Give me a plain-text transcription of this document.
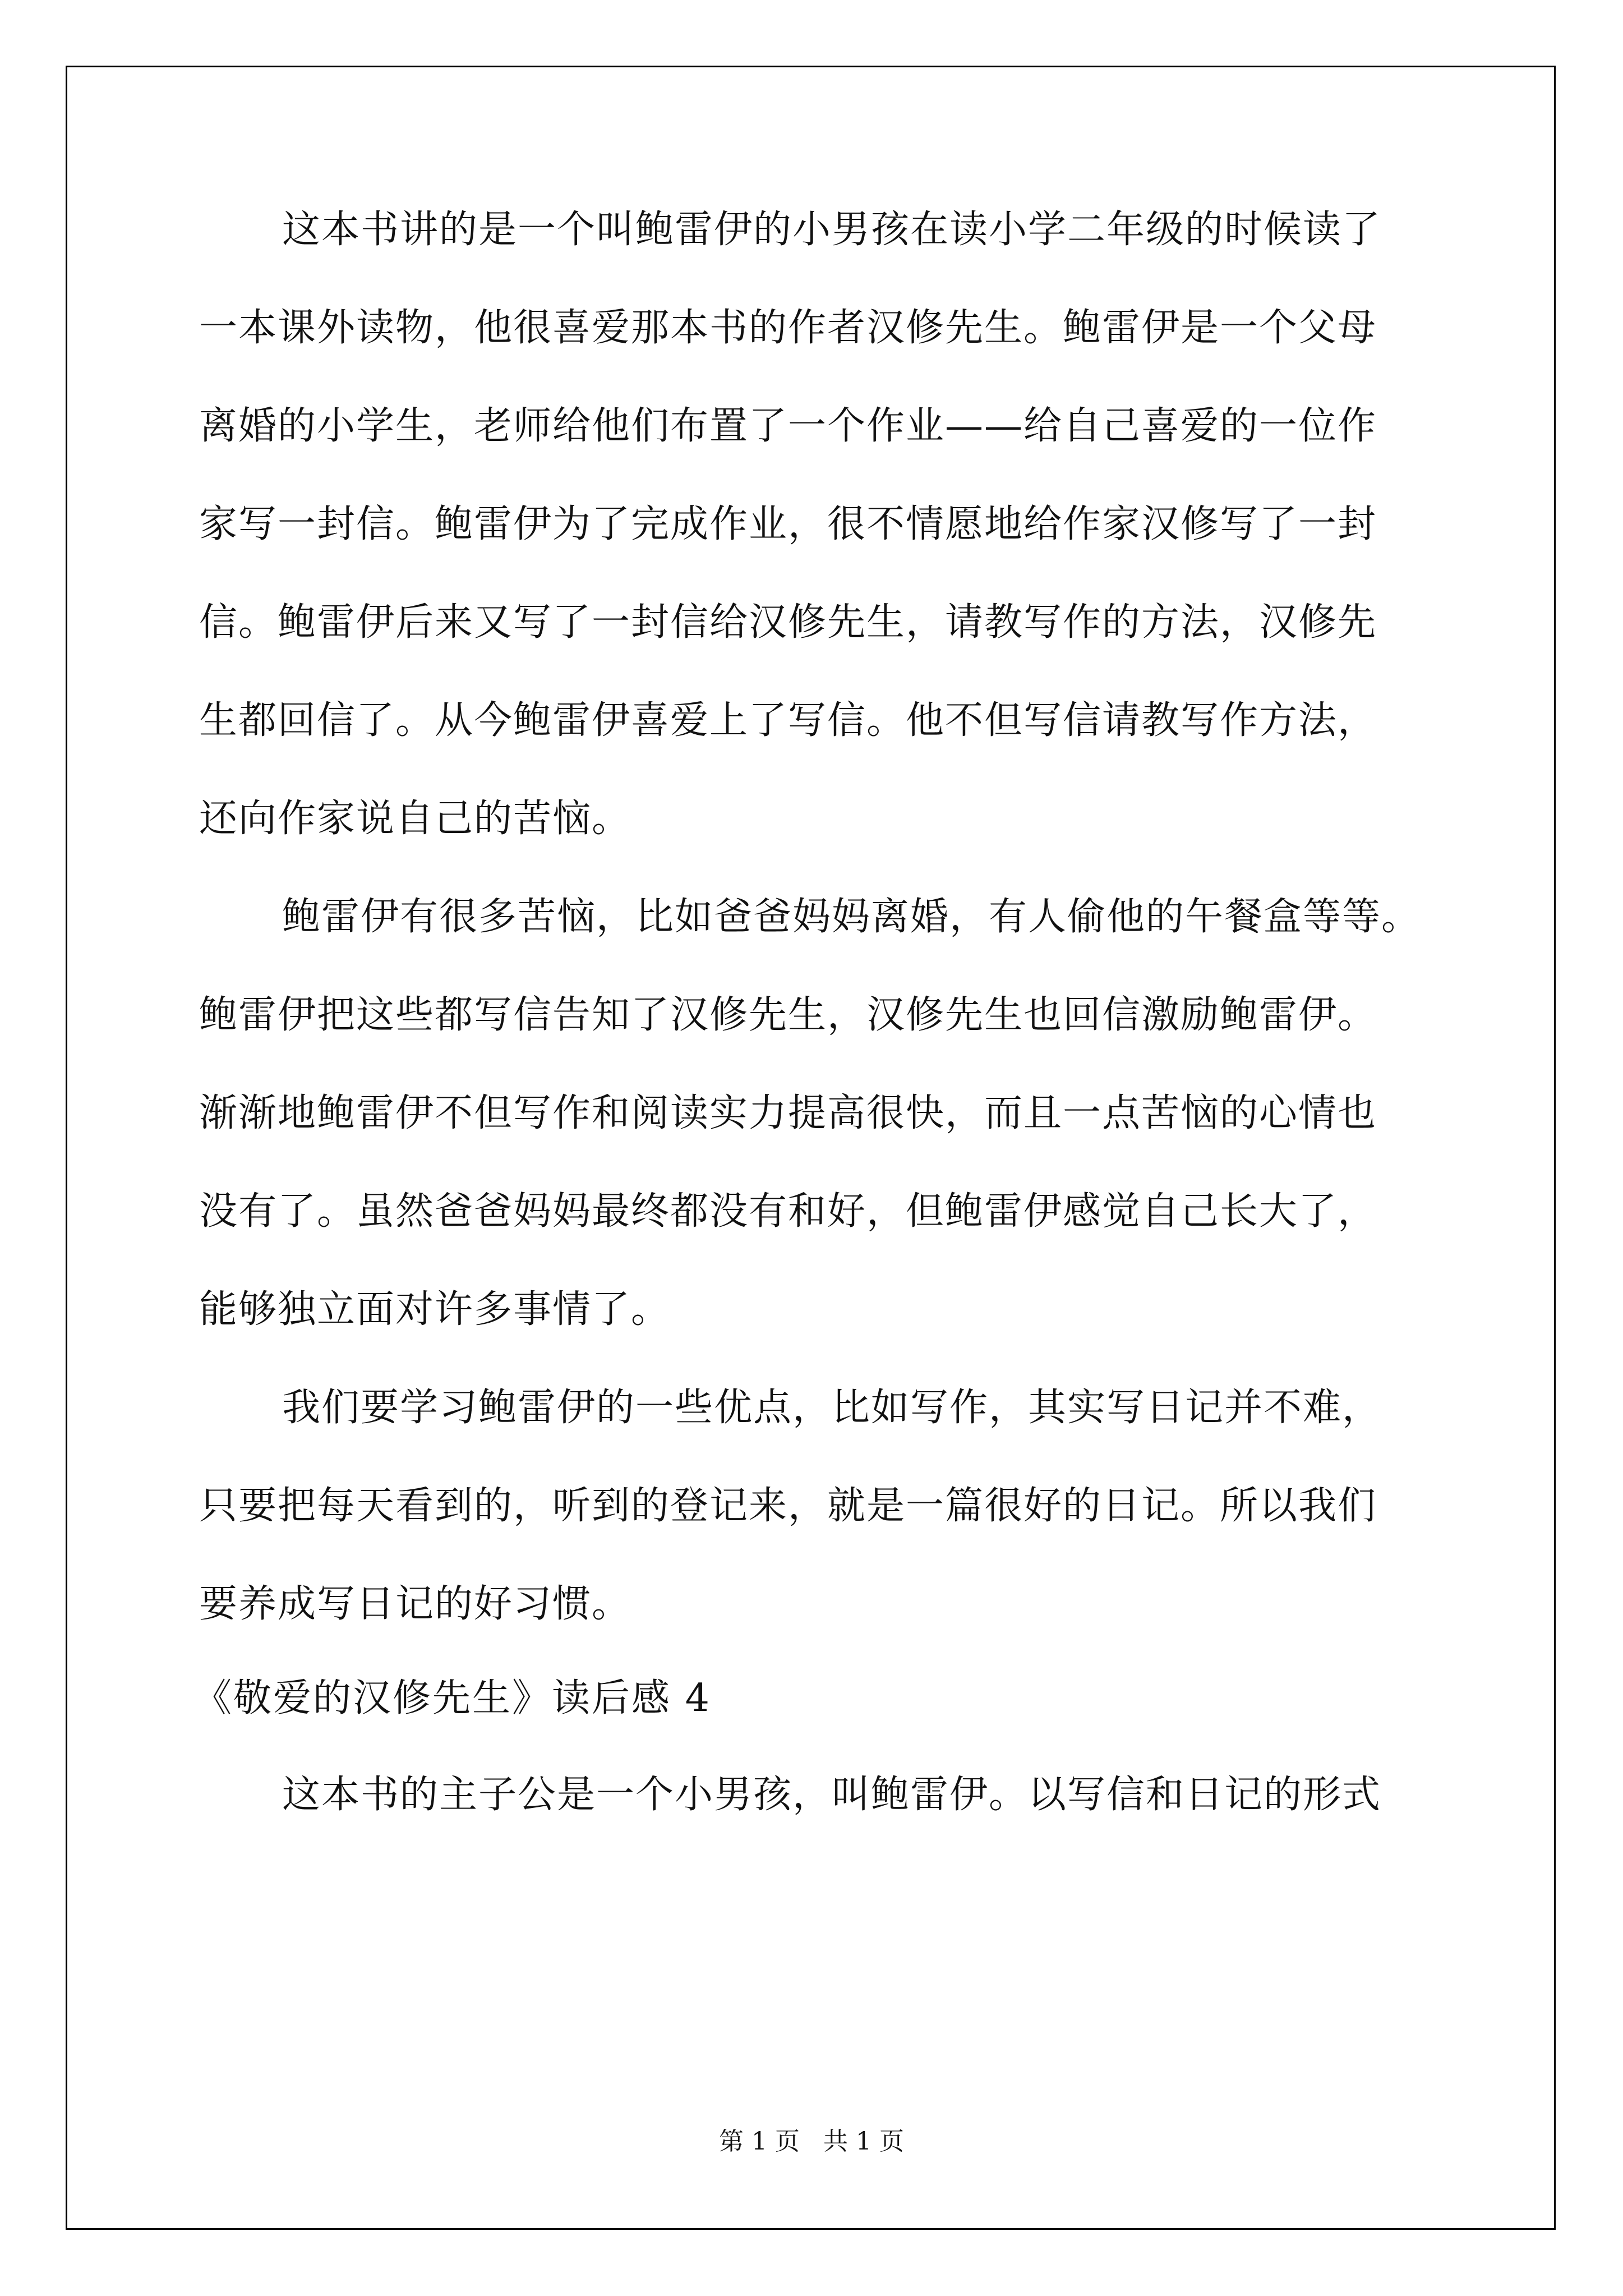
这本书讲的是一个叫鲍雷伊的小男孩在读小学二年级的时候读了
一本课外读物，他很喜爱那本书的作者汉修先生。鲍雷伊是一个父母
离婚的小学生，老师给他们布置了一个作业——给自己喜爱的一位作
家写一封信。鲍雷伊为了完成作业，很不情愿地给作家汉修写了一封
信。鲍雷伊后来又写了一封信给汉修先生，请教写作的方法，汉修先
生都回信了。从今鲍雷伊喜爱上了写信。他不但写信请教写作方法，
还向作家说自己的苦恼。
鲍雷伊有很多苦恼，比如爸爸妈妈离婚，有人偷他的午餐盒等等。
鲍雷伊把这些都写信告知了汉修先生，汉修先生也回信激励鲍雷伊。
渐渐地鲍雷伊不但写作和阅读实力提高很快，而且一点苦恼的心情也
没有了。虽然爸爸妈妈最终都没有和好，但鲍雷伊感觉自己长大了，
能够独立面对许多事情了。
我们要学习鲍雷伊的一些优点，比如写作，其实写日记并不难，
只要把每天看到的，听到的登记来，就是一篇很好的日记。所以我们
要养成写日记的好习惯。
《敬爱的汉修先生》读后感 4
这本书的主子公是一个小男孩，叫鲍雷伊。以写信和日记的形式
第 1 页   共 1 页
